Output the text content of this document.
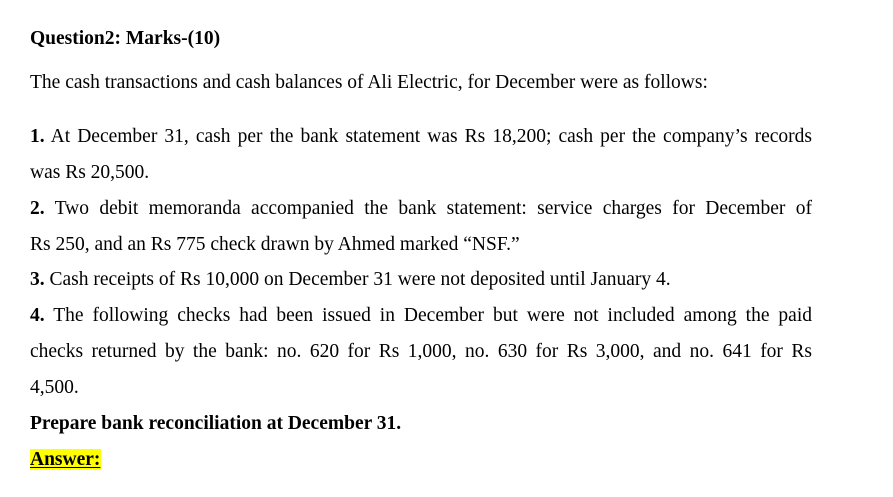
Question2: Marks-(10)
The cash transactions and cash balances of Ali Electric, for December were as follows:
1. At December 31, cash per the bank statement was Rs 18,200; cash per the company’s records
was Rs 20,500.
2. Two debit memoranda accompanied the bank statement: service charges for December of
Rs 250, and an Rs 775 check drawn by Ahmed marked “NSF.”
3. Cash receipts of Rs 10,000 on December 31 were not deposited until January 4.
4. The following checks had been issued in December but were not included among the paid
checks returned by the bank: no. 620 for Rs 1,000, no. 630 for Rs 3,000, and no. 641 for Rs
4,500.
Prepare bank reconciliation at December 31.
Answer:
